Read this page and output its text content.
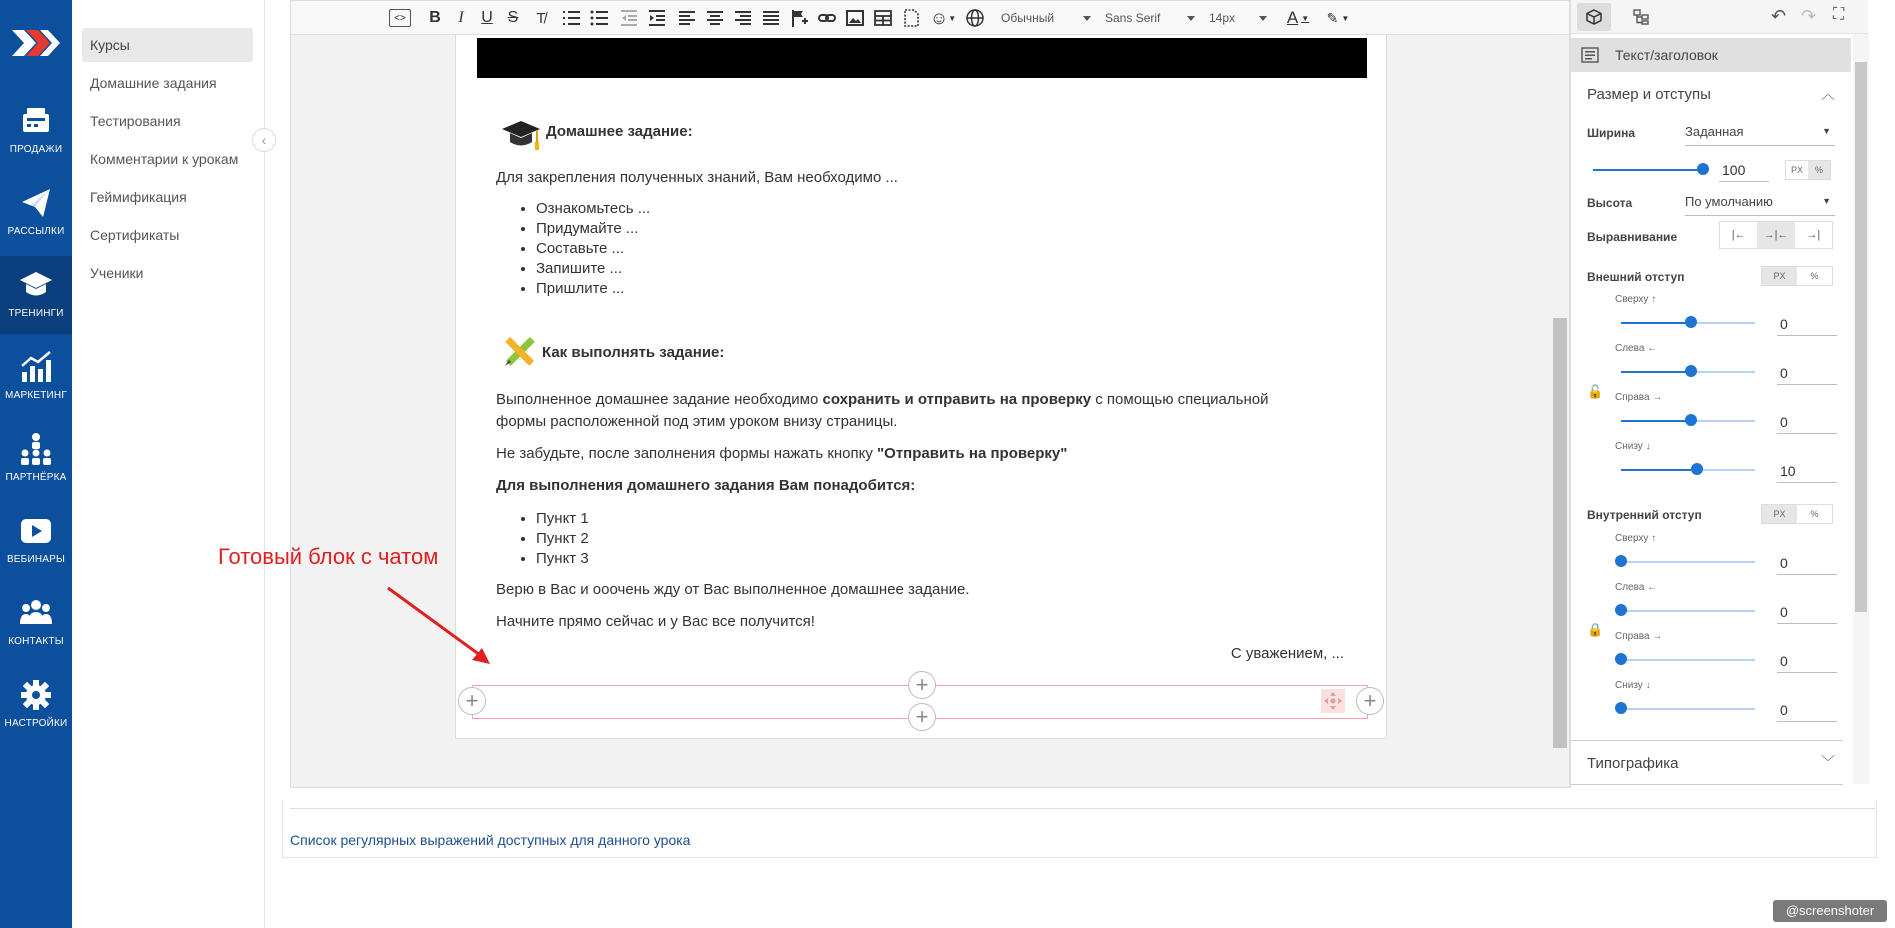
ПРОДАЖИ
РАССЫЛКИ
ТРЕНИНГИ
МАРКЕТИНГ
ПАРТНЁРКА
ВЕБИНАРЫ
КОНТАКТЫ
НАСТРОЙКИ
Курсы
Домашние задания
Тестирования
Комментарии к урокам
Геймификация
Сертификаты
Ученики
‹
<>	B	I	U S	T̸	☺ ▼	Обычный	Sans Serif	14px	A ▼	✎ ▼
Домашнее задание:
Для закрепления полученных знаний, Вам необходимо ...
• Ознакомьтесь ...
• Придумайте ...
• Составьте ...
• Запишите ...
• Пришлите ...
Как выполнять задание:
Выполненное домашнее задание необходимо сохранить и отправить на проверку с помощью специальной
формы расположенной под этим уроком внизу страницы.
Не забудьте, после заполнения формы нажать кнопку "Отправить на проверку"
Для выполнения домашнего задания Вам понадобится:
• Пункт 1
• Пункт 2
• Пункт 3
Верю в Вас и ооочень жду от Вас выполненное домашнее задание.
Начните прямо сейчас и у Вас все получится!
С уважением, ...
+
+
+
+
↶ ↷ ⛶
Текст/заголовок
Размер и отступы	︿
Ширина	Заданная	▼
100	PX	%
Высота	По умолчанию	▼
Выравнивание	|←	→|←	→|
Внешний отступ	PX	%
🔓
Сверху ↑
0
Слева ←
0
Справа →
0
Снизу ↓
10
Внутренний отступ	PX	%
🔒
Сверху ↑
0
Слева ←
0
Справа →
0
Снизу ↓
0
Типографика	﹀
Готовый блок с чатом
Список регулярных выражений доступных для данного урока
@screenshoter
